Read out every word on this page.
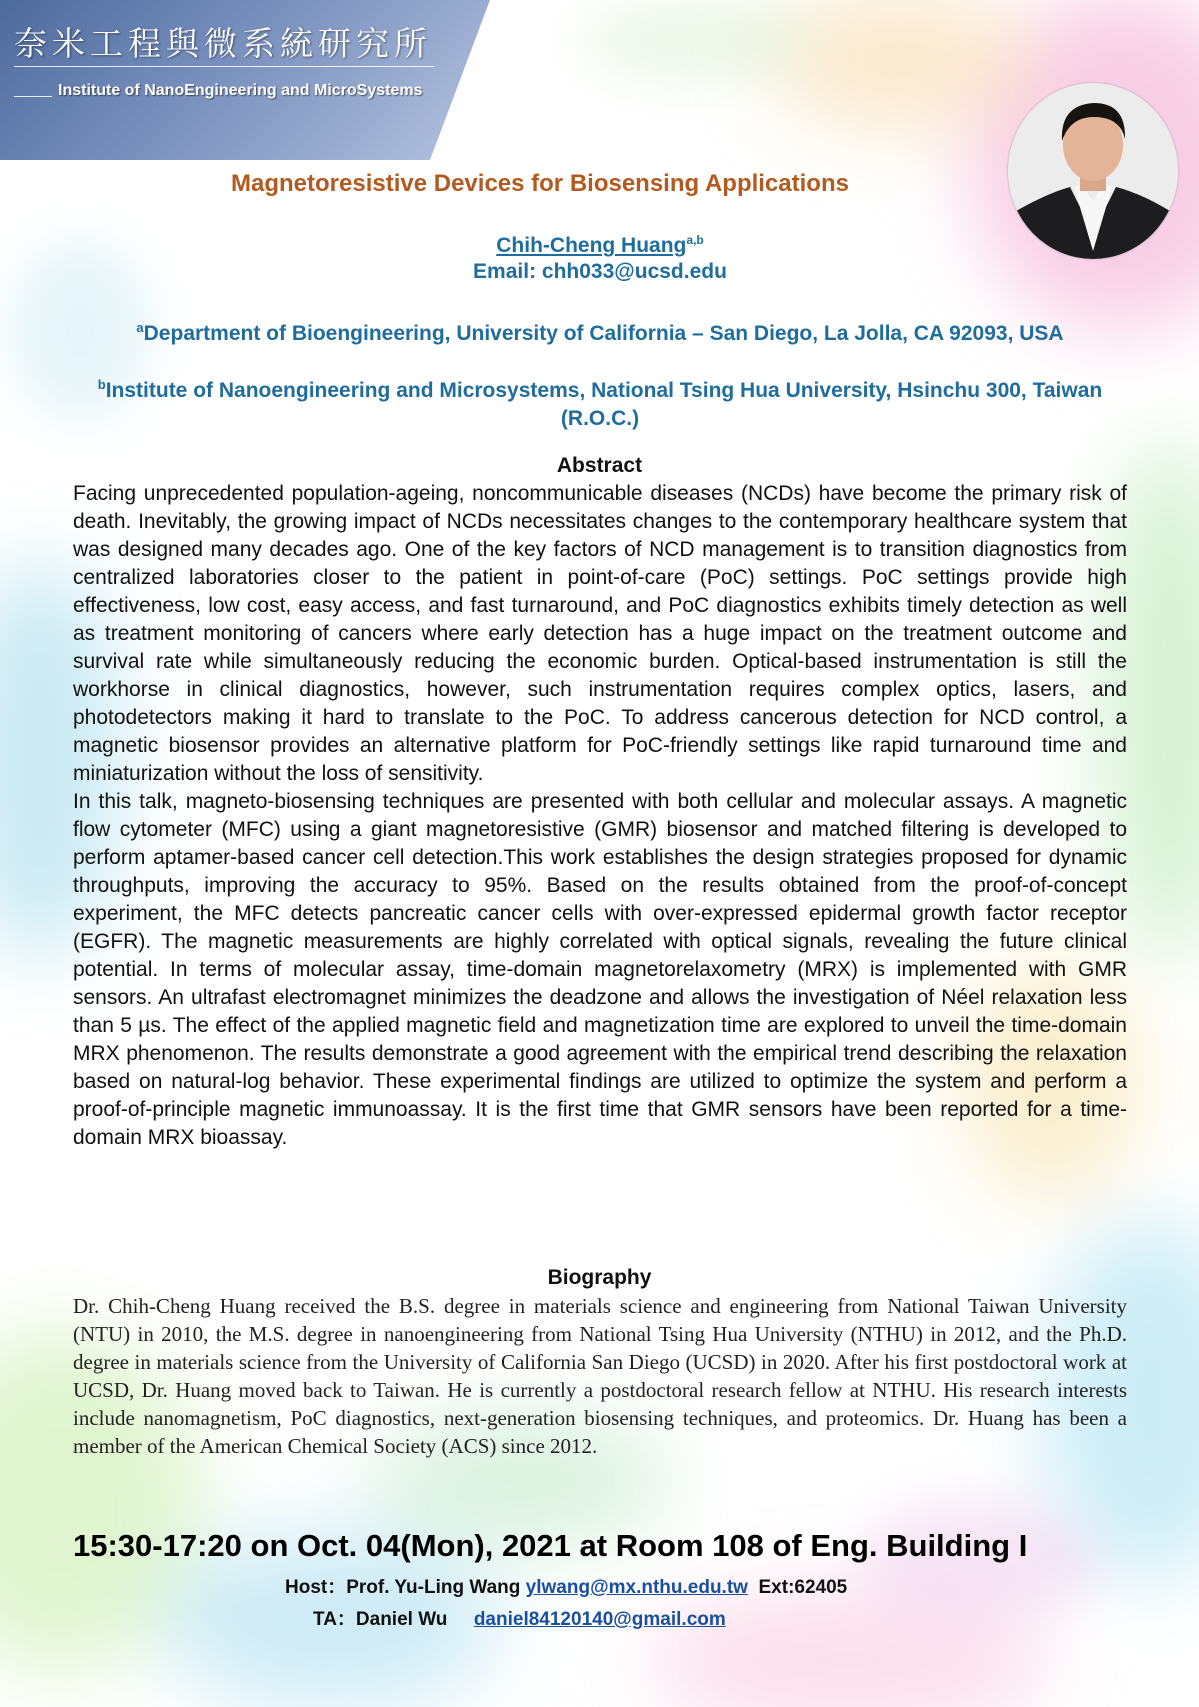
奈米工程與微系統研究所
Institute of NanoEngineering and MicroSystems
Magnetoresistive Devices for Biosensing Applications
Chih-Cheng Huang$^{a,b}$
Email: chh033@ucsd.edu
$^a$Department of Bioengineering, University of California – San Diego, La Jolla, CA 92093, USA
$^b$Institute of Nanoengineering and Microsystems, National Tsing Hua University, Hsinchu 300, Taiwan (R.O.C.)
Abstract

Facing unprecedented population-ageing, noncommunicable diseases (NCDs) have become the primary risk of death. Inevitably, the growing impact of NCDs necessitates changes to the contemporary healthcare system that was designed many decades ago. One of the key factors of NCD management is to transition diagnostics from centralized laboratories closer to the patient in point-of-care (PoC) settings. PoC settings provide high effectiveness, low cost, easy access, and fast turnaround, and PoC diagnostics exhibits timely detection as well as treatment monitoring of cancers where early detection has a huge impact on the treatment outcome and survival rate while simultaneously reducing the economic burden. Optical-based instrumentation is still the workhorse in clinical diagnostics, however, such instrumentation requires complex optics, lasers, and photodetectors making it hard to translate to the PoC. To address cancerous detection for NCD control, a magnetic biosensor provides an alternative platform for PoC-friendly settings like rapid turnaround time and miniaturization without the loss of sensitivity.

In this talk, magneto-biosensing techniques are presented with both cellular and molecular assays. A magnetic flow cytometer (MFC) using a giant magnetoresistive (GMR) biosensor and matched filtering is developed to perform aptamer-based cancer cell detection.This work establishes the design strategies proposed for dynamic throughputs, improving the accuracy to 95%. Based on the results obtained from the proof-of-concept experiment, the MFC detects pancreatic cancer cells with over-expressed epidermal growth factor receptor (EGFR). The magnetic measurements are highly correlated with optical signals, revealing the future clinical potential. In terms of molecular assay, time-domain magnetorelaxometry (MRX) is implemented with GMR sensors. An ultrafast electromagnet minimizes the deadzone and allows the investigation of Néel relaxation less than 5 µs. The effect of the applied magnetic field and magnetization time are explored to unveil the time-domain MRX phenomenon. The results demonstrate a good agreement with the empirical trend describing the relaxation based on natural-log behavior. These experimental findings are utilized to optimize the system and perform a proof-of-principle magnetic immunoassay. It is the first time that GMR sensors have been reported for a time-domain MRX bioassay.

Biography
Dr. Chih-Cheng Huang received the B.S. degree in materials science and engineering from National Taiwan University (NTU) in 2010, the M.S. degree in nanoengineering from National Tsing Hua University (NTHU) in 2012, and the Ph.D. degree in materials science from the University of California San Diego (UCSD) in 2020. After his first postdoctoral work at UCSD, Dr. Huang moved back to Taiwan. He is currently a postdoctoral research fellow at NTHU. His research interests include nanomagnetism, PoC diagnostics, next-generation biosensing techniques, and proteomics. Dr. Huang has been a member of the American Chemical Society (ACS) since 2012.
15:30-17:20 on Oct. 04(Mon), 2021 at Room 108 of Eng. Building I
Host：Prof. Yu-Ling Wang ylwang@mx.nthu.edu.tw Ext:62405
TA：Daniel Wu daniel84120140@gmail.com
